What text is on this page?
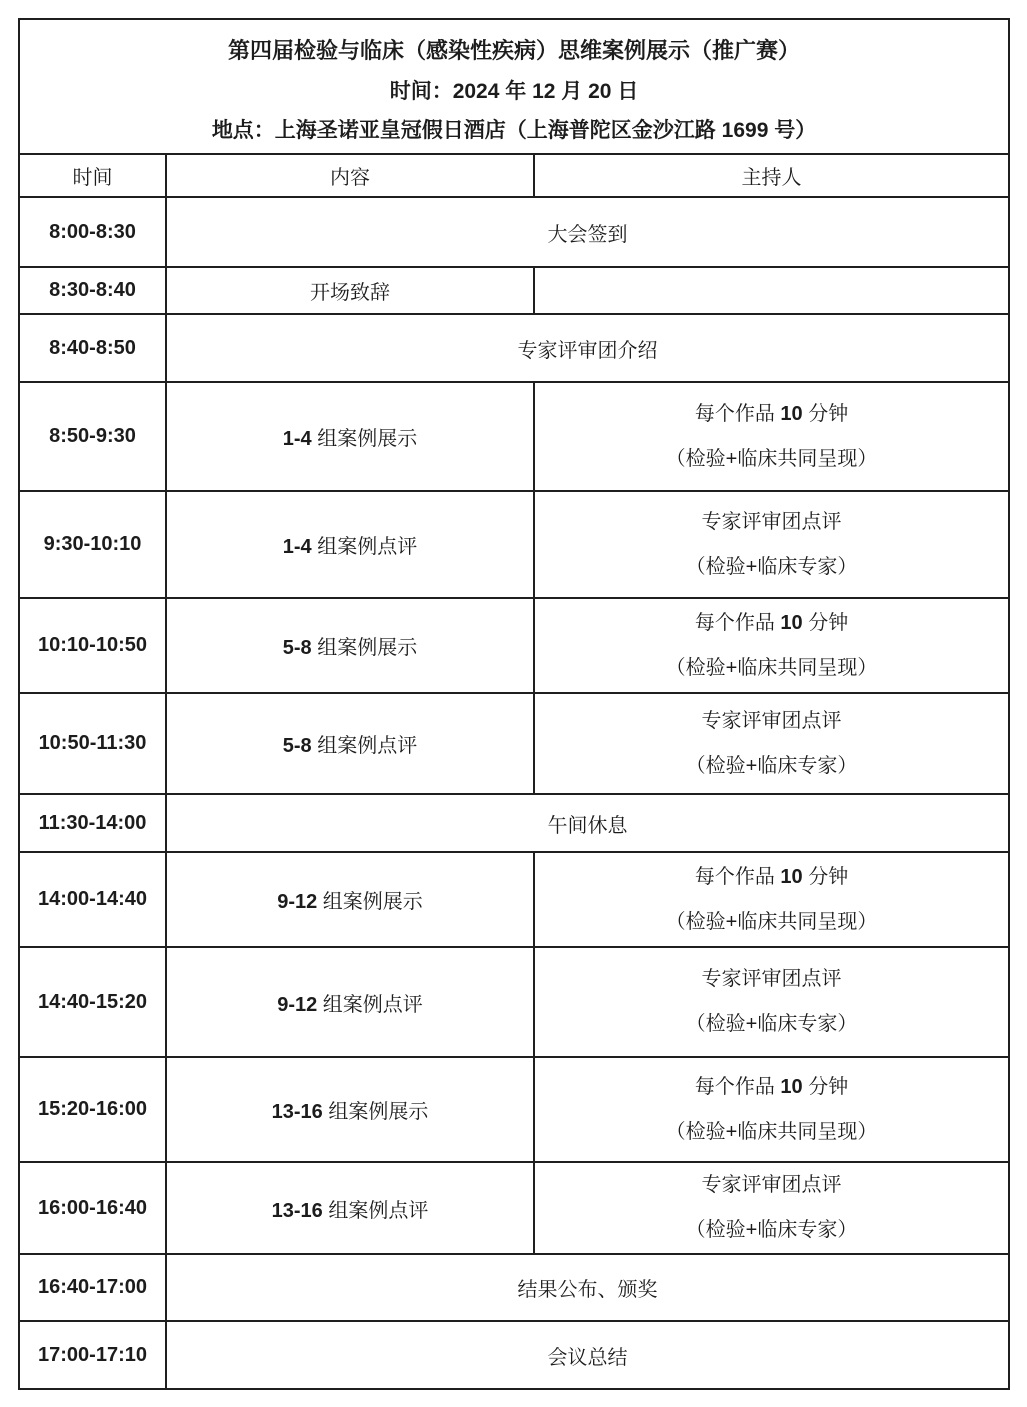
第四届检验与临床（感染性疾病）思维案例展示（推广赛）
时间：2024 年 12 月 20 日
地点：上海圣诺亚皇冠假日酒店（上海普陀区金沙江路 1699 号）		

时间	内容	主持人
8:00-8:30	大会签到	
8:30-8:40	开场致辞	
8:40-8:50	专家评审团介绍	
8:50-9:30	1-4 组案例展示	每个作品 10 分钟
（检验+临床共同呈现）

9:30-10:10	1-4 组案例点评	专家评审团点评
（检验+临床专家）

10:10-10:50	5-8 组案例展示	每个作品 10 分钟
（检验+临床共同呈现）

10:50-11:30	5-8 组案例点评	专家评审团点评
（检验+临床专家）

11:30-14:00	午间休息	
14:00-14:40	9-12 组案例展示	每个作品 10 分钟
（检验+临床共同呈现）

14:40-15:20	9-12 组案例点评	专家评审团点评
（检验+临床专家）

15:20-16:00	13-16 组案例展示	每个作品 10 分钟
（检验+临床共同呈现）

16:00-16:40	13-16 组案例点评	专家评审团点评
（检验+临床专家）

16:40-17:00	结果公布、颁奖	
17:00-17:10	会议总结	
